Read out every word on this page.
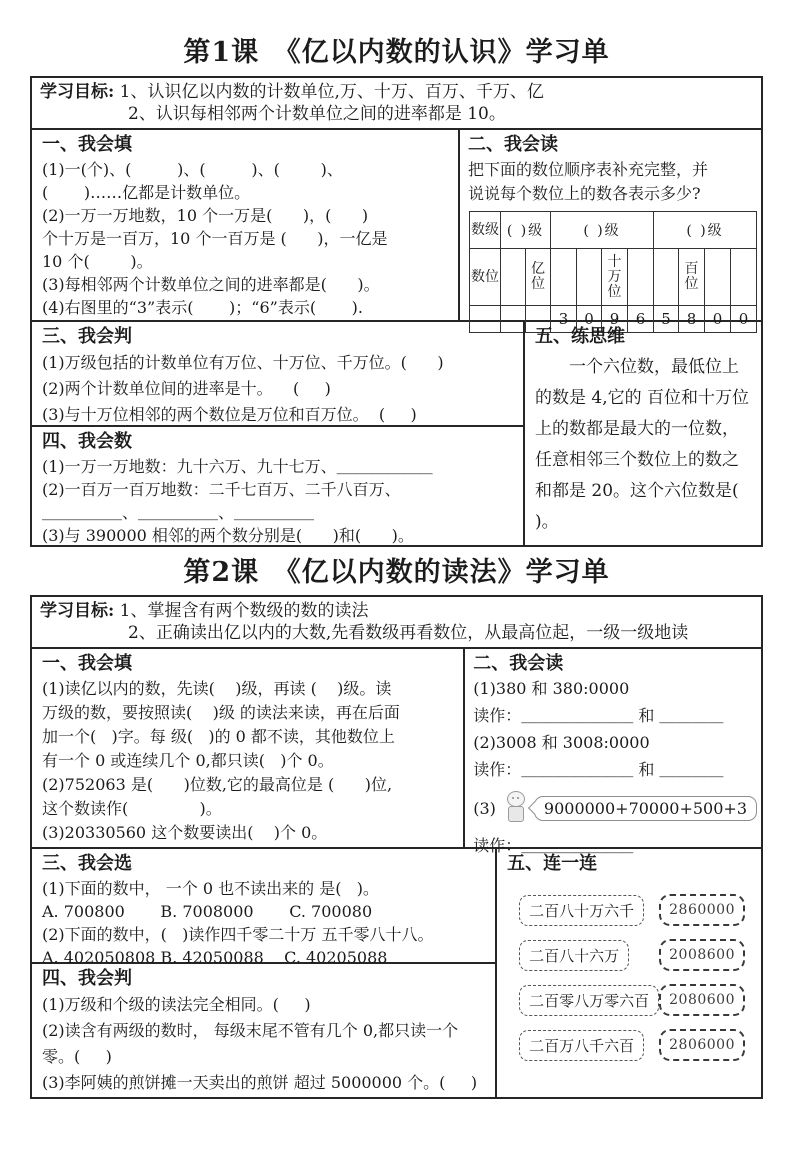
第1课　《亿以内数的认识》学习单
学习目标: 1、认识亿以内数的计数单位,万、十万、百万、千万、亿
2、认识每相邻两个计数单位之间的进率都是 10。
一、我会填
(1)一(个)、(         )、(         )、(        )、
(       )……亿都是计数单位。
(2)一万一万地数，10 个一万是(      )，(      )
个十万是一百万，10 个一百万是 (      )，一亿是
10 个(        )。
(3)每相邻两个计数单位之间的进率都是(      )。
(4)右图里的“3”表示(       )；“6”表示(       ).
二、我会读
把下面的数位顺序表补充完整，并
说说每个数位上的数各表示多少?
数级	( )级		( )级				( )级			
数位		亿位			十万位			百位		
			3	0	9	6	5	8	0	0
三、我会判
(1)万级包括的计数单位有万位、十万位、千万位。(      )
(2)两个计数单位间的进率是十。    (     )
(3)与十万位相邻的两个数位是万位和百万位。  (     )
四、我会数
(1)一万一万地数：九十六万、九十七万、＿＿＿＿＿＿
(2)一百万一百万地数：二千七百万、二千八百万、
＿＿＿＿＿、＿＿＿＿＿、＿＿＿＿＿
(3)与 390000 相邻的两个数分别是(      )和(      )。
五、练思维
一个六位数，最低位上的数是 4,它的 百位和十万位上的数都是最大的一位数，任意相邻三个数位上的数之和都是 20。这个六位数是(      )。
第2课　《亿以内数的读法》学习单
学习目标: 1、掌握含有两个数级的数的读法
2、正确读出亿以内的大数,先看数级再看数位，从最高位起，一级一级地读
一、我会填
(1)读亿以内的数，先读(    )级，再读 (    )级。读
万级的数，要按照读(    )级 的读法来读，再在后面
加一个(   )字。每 级(   )的 0 都不读，其他数位上
有一个 0 或连续几个 0,都只读(   )个 0。
(2)752063 是(      )位数,它的最高位是 (      )位,
这个数读作(              )。
(3)20330560 这个数要读出(    )个 0。
二、我会读
(1)380 和 380:0000
读作：＿＿＿＿＿＿＿ 和 ＿＿＿＿
(2)3008 和 3008:0000
读作：＿＿＿＿＿＿＿ 和 ＿＿＿＿
(3)	9000000+70000+500+3
读作：＿＿＿＿＿＿＿
三、我会选
(1)下面的数中， 一个 0 也不读出来的 是(   )。
A. 700800       B. 7008000       C. 700080
(2)下面的数中，(   )读作四千零二十万 五千零八十八。
A. 402050808 B. 42050088    C. 40205088
四、我会判
(1)万级和个级的读法完全相同。(     )
(2)读含有两级的数时， 每级末尾不管有几个 0,都只读一个
零。(     )
(3)李阿姨的煎饼摊一天卖出的煎饼 超过 5000000 个。(     )
五、连一连
二百八十万六千	2860000
二百八十六万	2008600
二百零八万零六百	2080600
二百万八千六百	2806000
